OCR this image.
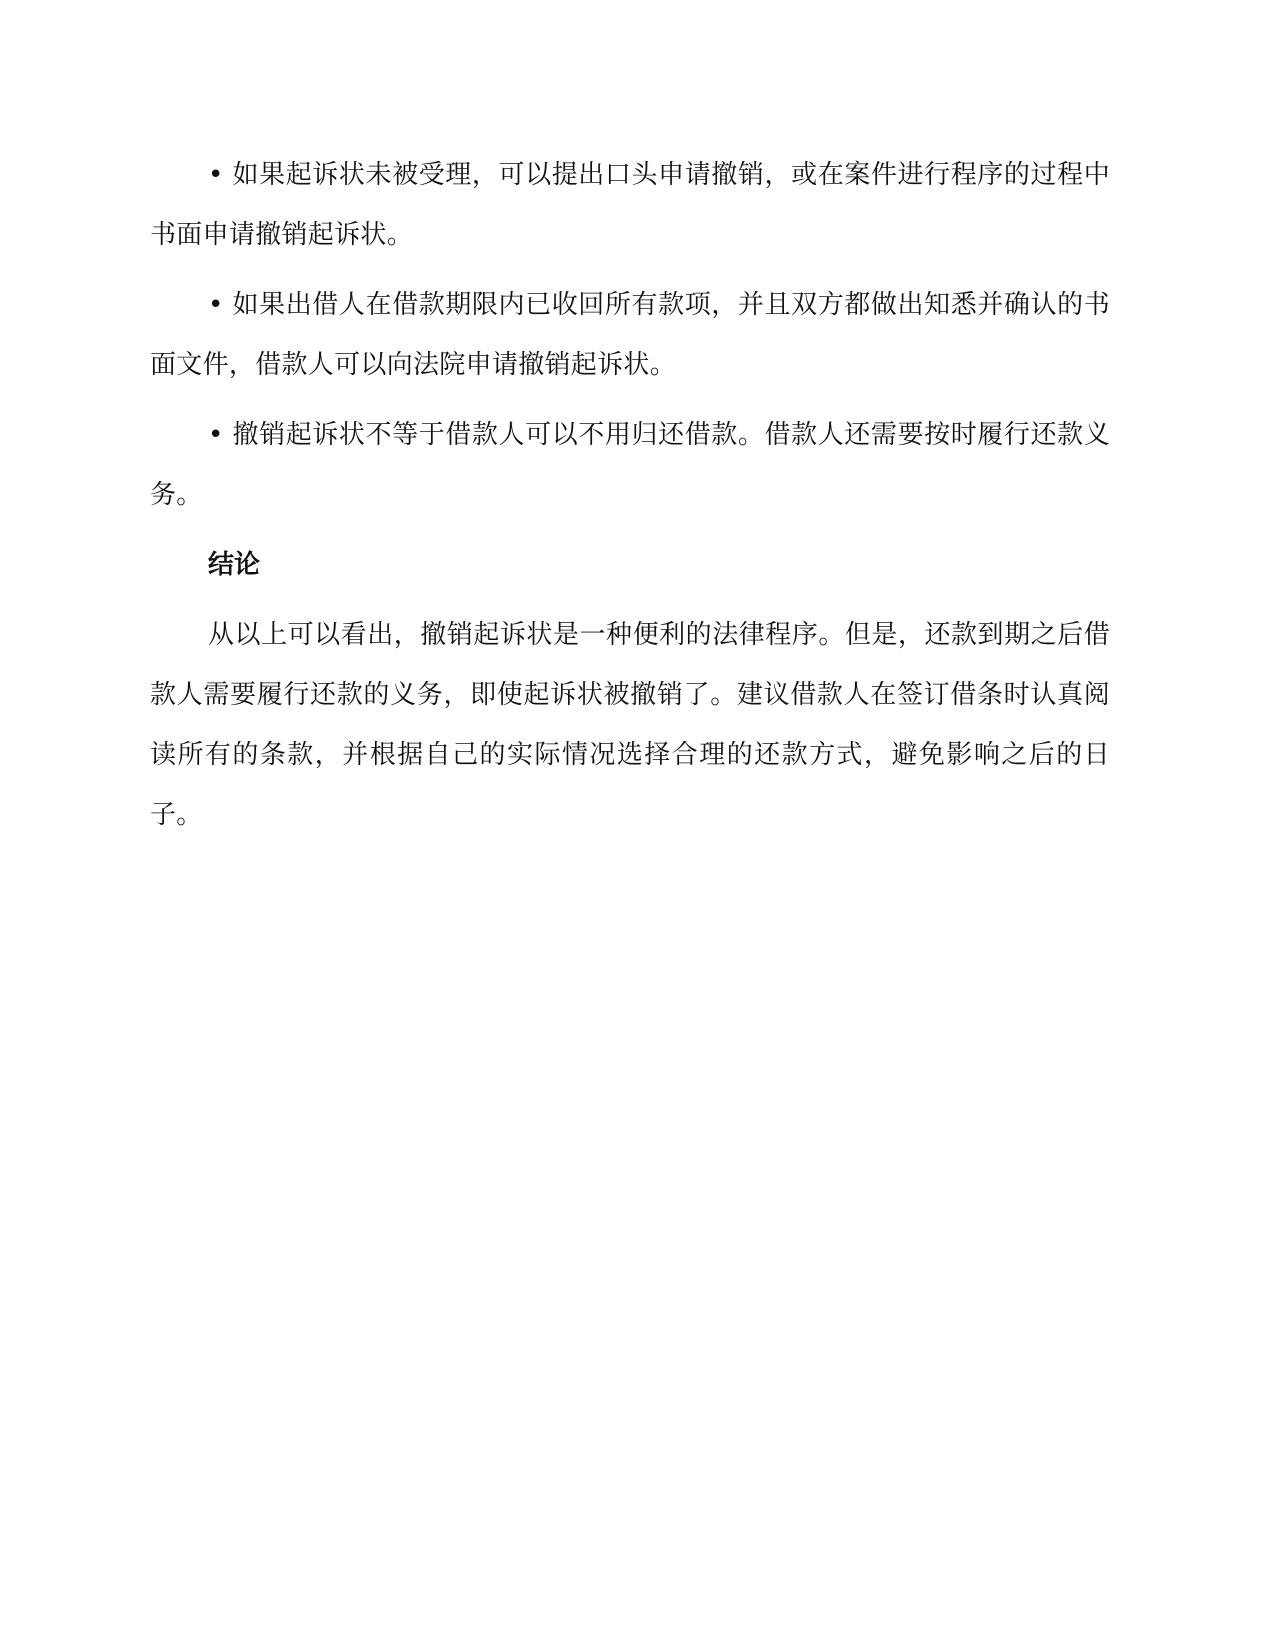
• 如果起诉状未被受理，可以提出口头申请撤销，或在案件进行程序的过程中书面申请撤销起诉状。

• 如果出借人在借款期限内已收回所有款项，并且双方都做出知悉并确认的书面文件，借款人可以向法院申请撤销起诉状。

• 撤销起诉状不等于借款人可以不用归还借款。借款人还需要按时履行还款义务。

结论

从以上可以看出，撤销起诉状是一种便利的法律程序。但是，还款到期之后借款人需要履行还款的义务，即使起诉状被撤销了。建议借款人在签订借条时认真阅读所有的条款，并根据自己的实际情况选择合理的还款方式，避免影响之后的日子。
